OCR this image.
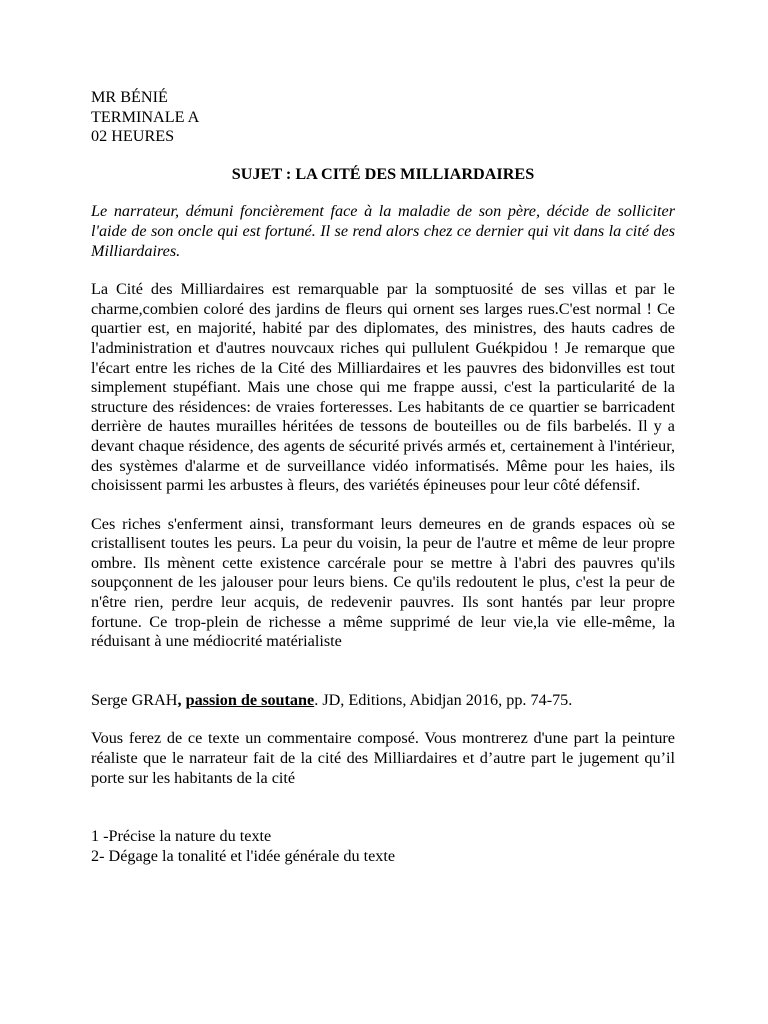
MR BÉNIÉ

TERMINALE A

02 HEURES

SUJET : LA CITÉ DES MILLIARDAIRES

Le narrateur, démuni foncièrement face à la maladie de son père, décide de solliciter l'aide de son oncle qui est fortuné. Il se rend alors chez ce dernier qui vit dans la cité des Milliardaires.

La Cité des Milliardaires est remarquable par la somptuosité de ses villas et par le charme,combien coloré des jardins de fleurs qui ornent ses larges rues.C'est normal ! Ce quartier est, en majorité, habité par des diplomates, des ministres, des hauts cadres de l'administration et d'autres nouvcaux riches qui pullulent Guékpidou ! Je remarque que l'écart entre les riches de la Cité des Milliardaires et les pauvres des bidonvilles est tout simplement stupéfiant. Mais une chose qui me frappe aussi, c'est la particularité de la structure des résidences: de vraies forteresses. Les habitants de ce quartier se barricadent derrière de hautes murailles héritées de tessons de bouteilles ou de fils barbelés. Il y a devant chaque résidence, des agents de sécurité privés armés et, certainement à l'intérieur, des systèmes d'alarme et de surveillance vidéo informatisés. Même pour les haies, ils choisissent parmi les arbustes à fleurs, des variétés épineuses pour leur côté défensif.

Ces riches s'enferment ainsi, transformant leurs demeures en de grands espaces où se cristallisent toutes les peurs. La peur du voisin, la peur de l'autre et même de leur propre ombre. Ils mènent cette existence carcérale pour se mettre à l'abri des pauvres qu'ils soupçonnent de les jalouser pour leurs biens. Ce qu'ils redoutent le plus, c'est la peur de n'être rien, perdre leur acquis, de redevenir pauvres. Ils sont hantés par leur propre fortune. Ce trop-plein de richesse a même supprimé de leur vie,la vie elle-même, la réduisant à une médiocrité matérialiste

Serge GRAH, passion de soutane. JD, Editions, Abidjan 2016, pp. 74-75.

Vous ferez de ce texte un commentaire composé. Vous montrerez d'une part la peinture réaliste que le narrateur fait de la cité des Milliardaires et d’autre part le jugement qu’il porte sur les habitants de la cité

1 -Précise la nature du texte

2- Dégage la tonalité et l'idée générale du texte
